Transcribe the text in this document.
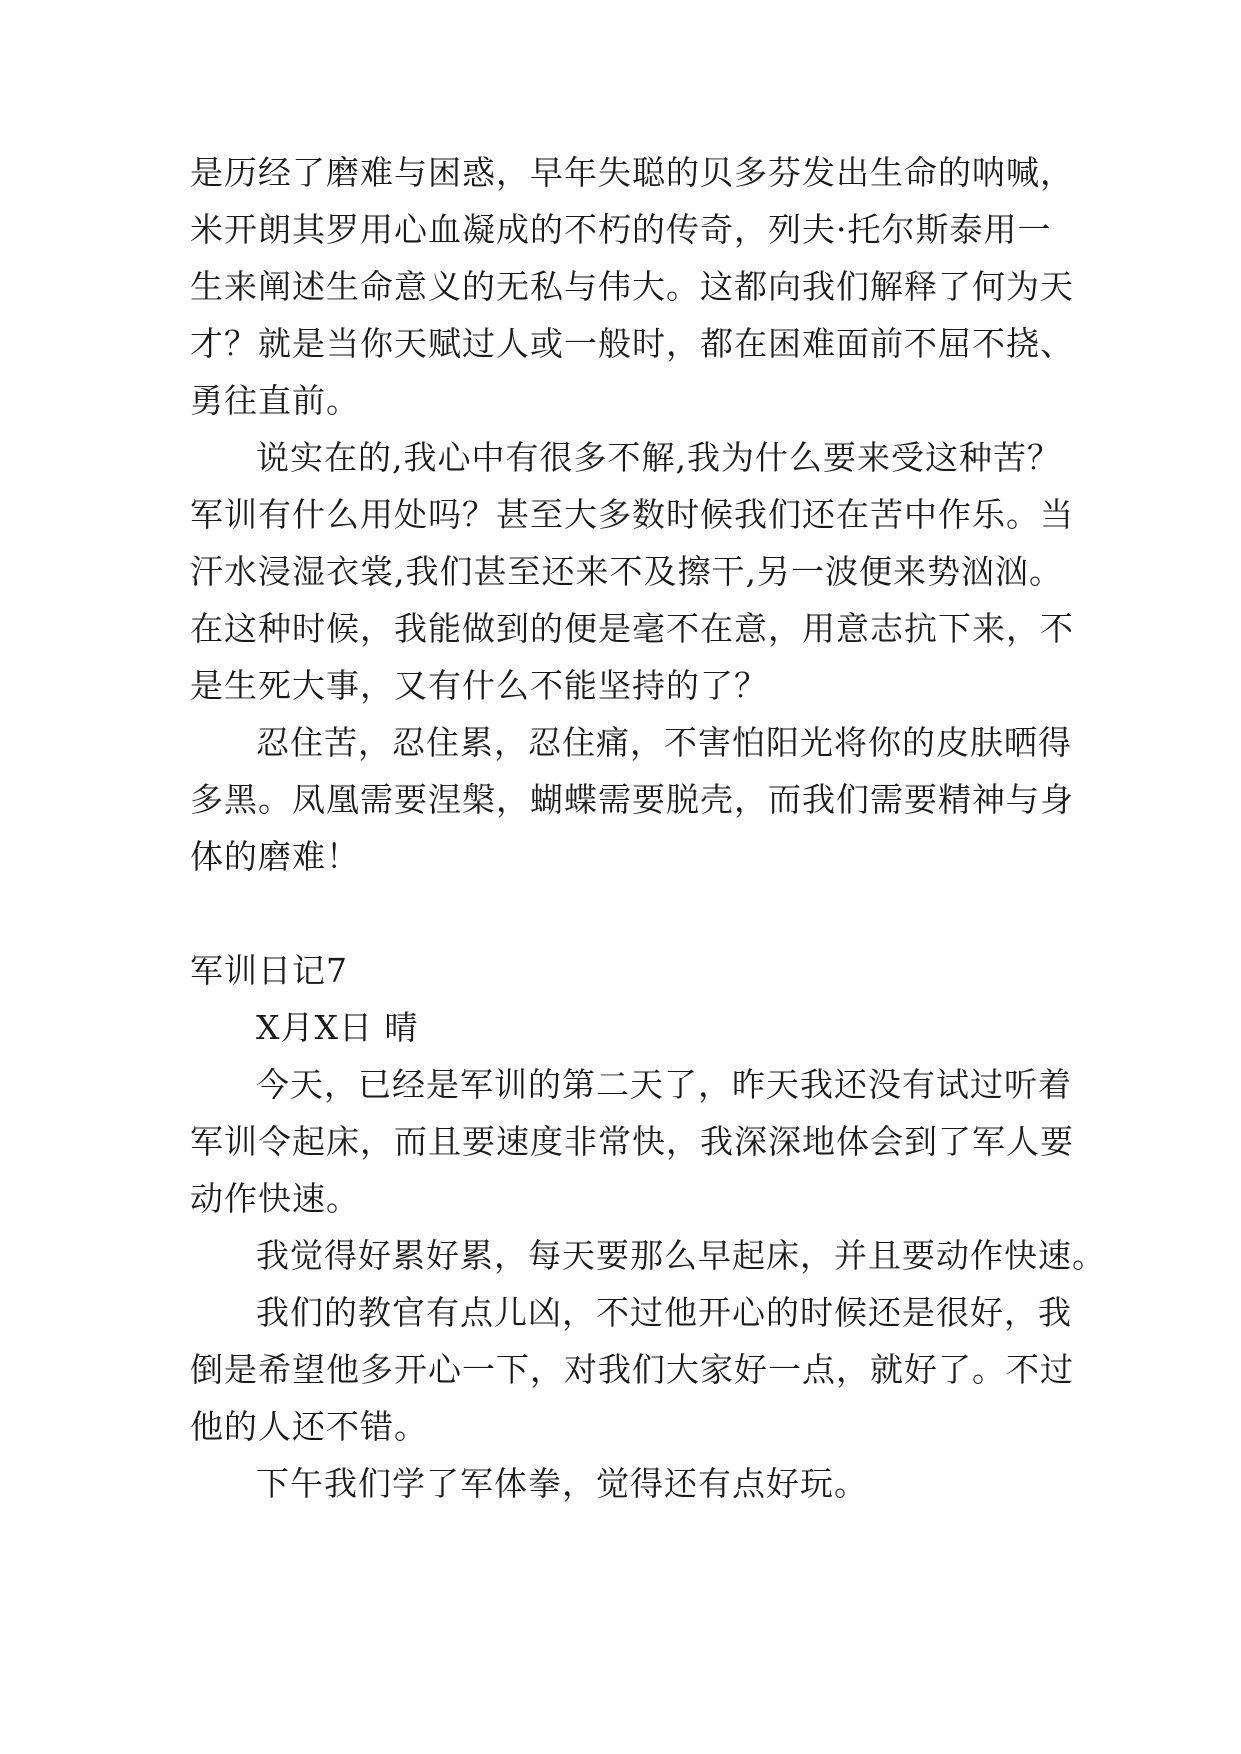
是历经了磨难与困惑，早年失聪的贝多芬发出生命的呐喊，
米开朗其罗用心血凝成的不朽的传奇，列夫·托尔斯泰用一
生来阐述生命意义的无私与伟大。这都向我们解释了何为天
才？就是当你天赋过人或一般时，都在困难面前不屈不挠、
勇往直前。
说实在的,我心中有很多不解,我为什么要来受这种苦？
军训有什么用处吗？甚至大多数时候我们还在苦中作乐。当
汗水浸湿衣裳,我们甚至还来不及擦干,另一波便来势汹汹。
在这种时候，我能做到的便是毫不在意，用意志抗下来，不
是生死大事，又有什么不能坚持的了？
忍住苦，忍住累，忍住痛，不害怕阳光将你的皮肤晒得
多黑。凤凰需要涅槃，蝴蝶需要脱壳，而我们需要精神与身
体的磨难！
军训日记7
X月X日 晴
今天，已经是军训的第二天了，昨天我还没有试过听着
军训令起床，而且要速度非常快，我深深地体会到了军人要
动作快速。
我觉得好累好累，每天要那么早起床，并且要动作快速。
我们的教官有点儿凶，不过他开心的时候还是很好，我
倒是希望他多开心一下，对我们大家好一点，就好了。不过
他的人还不错。
下午我们学了军体拳，觉得还有点好玩。
